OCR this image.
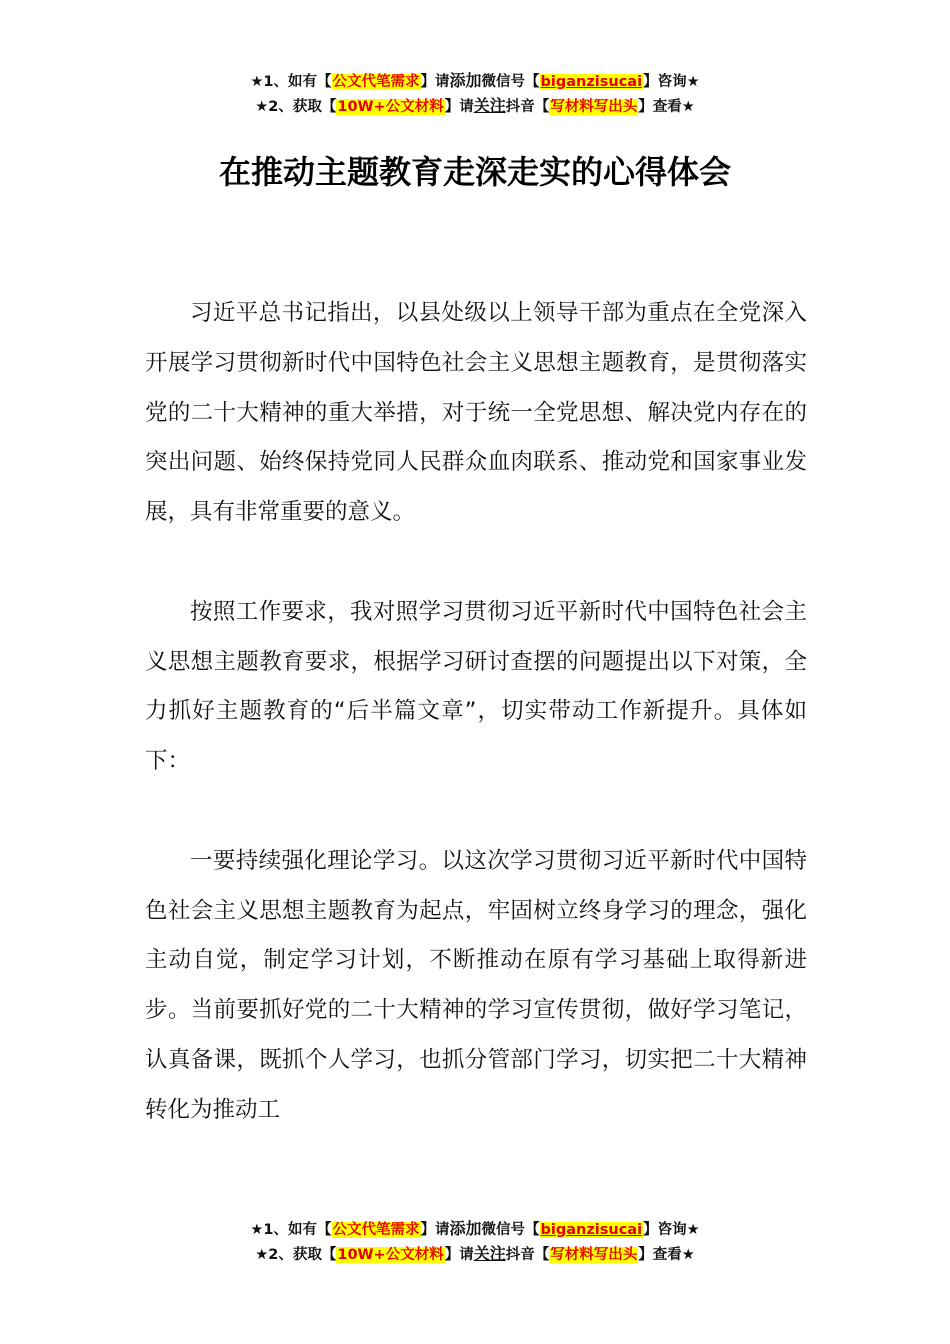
★1、如有【公文代笔需求】请添加微信号【biganzisucai】咨询★
★2、获取【10W+公文材料】请关注抖音【写材料写出头】查看★
在推动主题教育走深走实的心得体会

习近平总书记指出，以县处级以上领导干部为重点在全党深入开展学习贯彻新时代中国特色社会主义思想主题教育，是贯彻落实党的二十大精神的重大举措，对于统一全党思想、解决党内存在的突出问题、始终保持党同人民群众血肉联系、推动党和国家事业发展，具有非常重要的意义。

按照工作要求，我对照学习贯彻习近平新时代中国特色社会主义思想主题教育要求，根据学习研讨查摆的问题提出以下对策，全力抓好主题教育的“后半篇文章”，切实带动工作新提升。具体如下：

一要持续强化理论学习。以这次学习贯彻习近平新时代中国特色社会主义思想主题教育为起点，牢固树立终身学习的理念，强化主动自觉，制定学习计划，不断推动在原有学习基础上取得新进步。当前要抓好党的二十大精神的学习宣传贯彻，做好学习笔记，认真备课，既抓个人学习，也抓分管部门学习，切实把二十大精神转化为推动工

★1、如有【公文代笔需求】请添加微信号【biganzisucai】咨询★
★2、获取【10W+公文材料】请关注抖音【写材料写出头】查看★
